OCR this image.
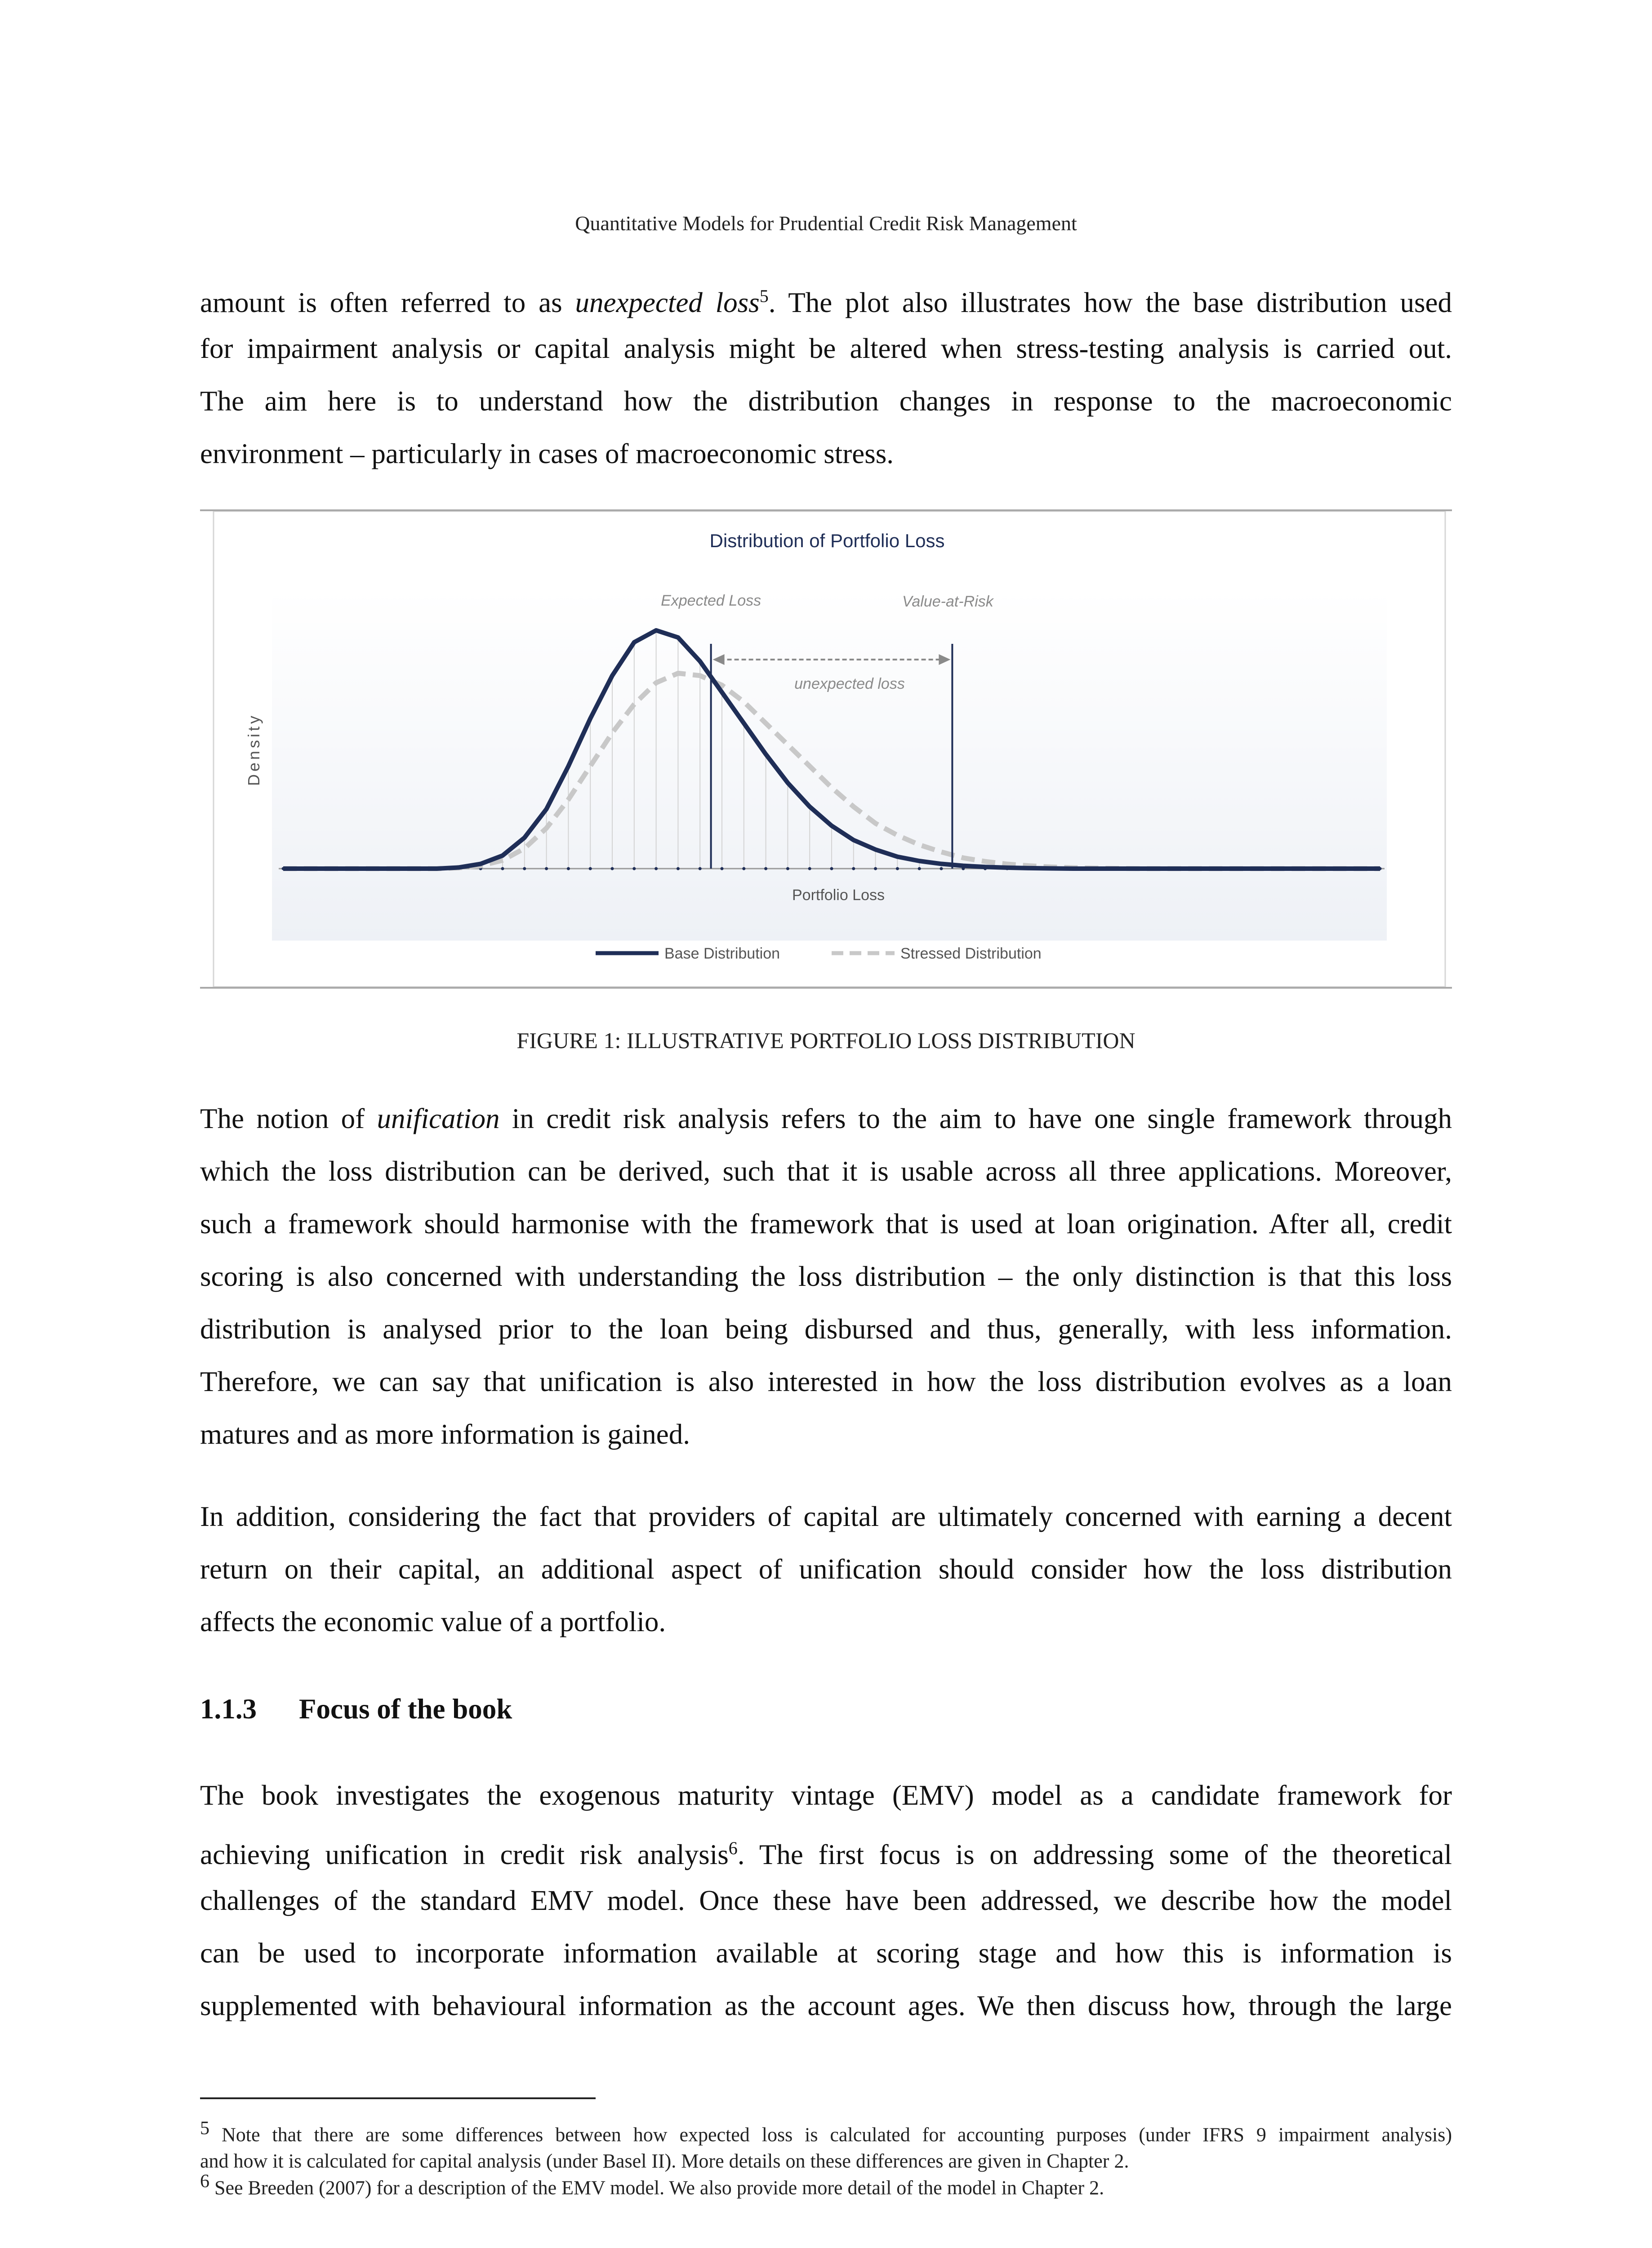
Quantitative Models for Prudential Credit Risk Management
amount is often referred to as unexpected loss$^5$. The plot also illustrates how the base distribution used
for impairment analysis or capital analysis might be altered when stress-testing analysis is carried out.
The aim here is to understand how the distribution changes in response to the macroeconomic
environment – particularly in cases of macroeconomic stress.
Distribution of Portfolio Loss
Density
Portfolio Loss
Expected Loss	Value-at-Risk
unexpected loss
Base Distribution	Stressed Distribution
FIGURE 1: ILLUSTRATIVE PORTFOLIO LOSS DISTRIBUTION
The notion of unification in credit risk analysis refers to the aim to have one single framework through
which the loss distribution can be derived, such that it is usable across all three applications. Moreover,
such a framework should harmonise with the framework that is used at loan origination. After all, credit
scoring is also concerned with understanding the loss distribution – the only distinction is that this loss
distribution is analysed prior to the loan being disbursed and thus, generally, with less information.
Therefore, we can say that unification is also interested in how the loss distribution evolves as a loan
matures and as more information is gained.
In addition, considering the fact that providers of capital are ultimately concerned with earning a decent
return on their capital, an additional aspect of unification should consider how the loss distribution
affects the economic value of a portfolio.
1.1.3 Focus of the book
The book investigates the exogenous maturity vintage (EMV) model as a candidate framework for
achieving unification in credit risk analysis$^6$. The first focus is on addressing some of the theoretical
challenges of the standard EMV model. Once these have been addressed, we describe how the model
can be used to incorporate information available at scoring stage and how this is information is
supplemented with behavioural information as the account ages. We then discuss how, through the large
$^5$ Note that there are some differences between how expected loss is calculated for accounting purposes (under IFRS 9 impairment analysis)
and how it is calculated for capital analysis (under Basel II). More details on these differences are given in Chapter 2.
$^6$ See Breeden (2007) for a description of the EMV model. We also provide more detail of the model in Chapter 2.
